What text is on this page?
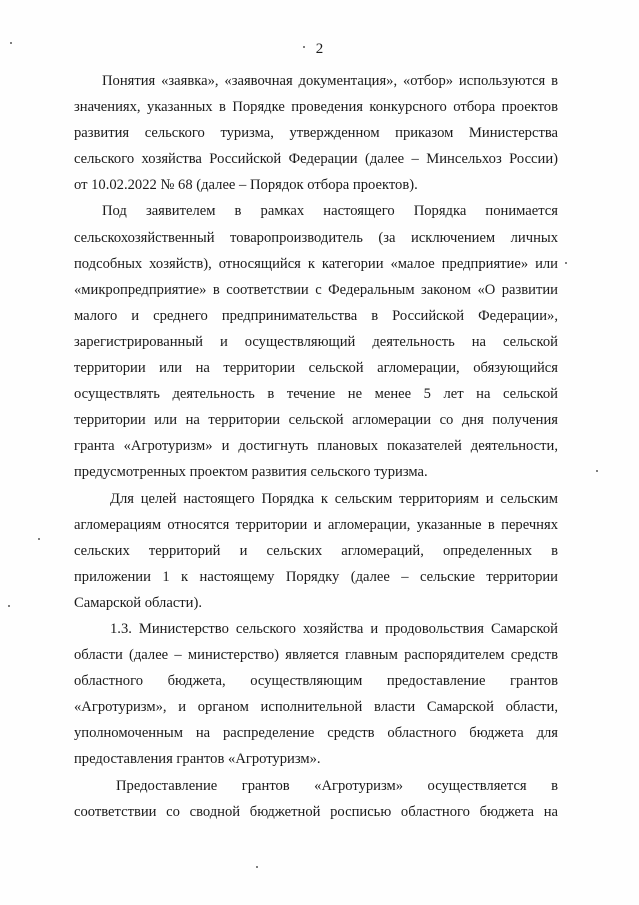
2

Понятия «заявка», «заявочная документация», «отбор» используются в
значениях, указанных в Порядке проведения конкурсного отбора проектов
развития сельского туризма, утвержденном приказом Министерства
сельского хозяйства Российской Федерации (далее – Минсельхоз России)
от 10.02.2022 № 68 (далее – Порядок отбора проектов).

Под заявителем в рамках настоящего Порядка понимается
сельскохозяйственный товаропроизводитель (за исключением личных
подсобных хозяйств), относящийся к категории «малое предприятие» или
«микропредприятие» в соответствии с Федеральным законом «О развитии
малого и среднего предпринимательства в Российской Федерации»,
зарегистрированный и осуществляющий деятельность на сельской
территории или на территории сельской агломерации, обязующийся
осуществлять деятельность в течение не менее 5 лет на сельской
территории или на территории сельской агломерации со дня получения
гранта «Агротуризм» и достигнуть плановых показателей деятельности,
предусмотренных проектом развития сельского туризма.

Для целей настоящего Порядка к сельским территориям и сельским
агломерациям относятся территории и агломерации, указанные в перечнях
сельских территорий и сельских агломераций, определенных в
приложении 1 к настоящему Порядку (далее – сельские территории
Самарской области).

1.3. Министерство сельского хозяйства и продовольствия Самарской
области (далее – министерство) является главным распорядителем средств
областного бюджета, осуществляющим предоставление грантов
«Агротуризм», и органом исполнительной власти Самарской области,
уполномоченным на распределение средств областного бюджета для
предоставления грантов «Агротуризм».

Предоставление грантов «Агротуризм» осуществляется в
соответствии со сводной бюджетной росписью областного бюджета на
